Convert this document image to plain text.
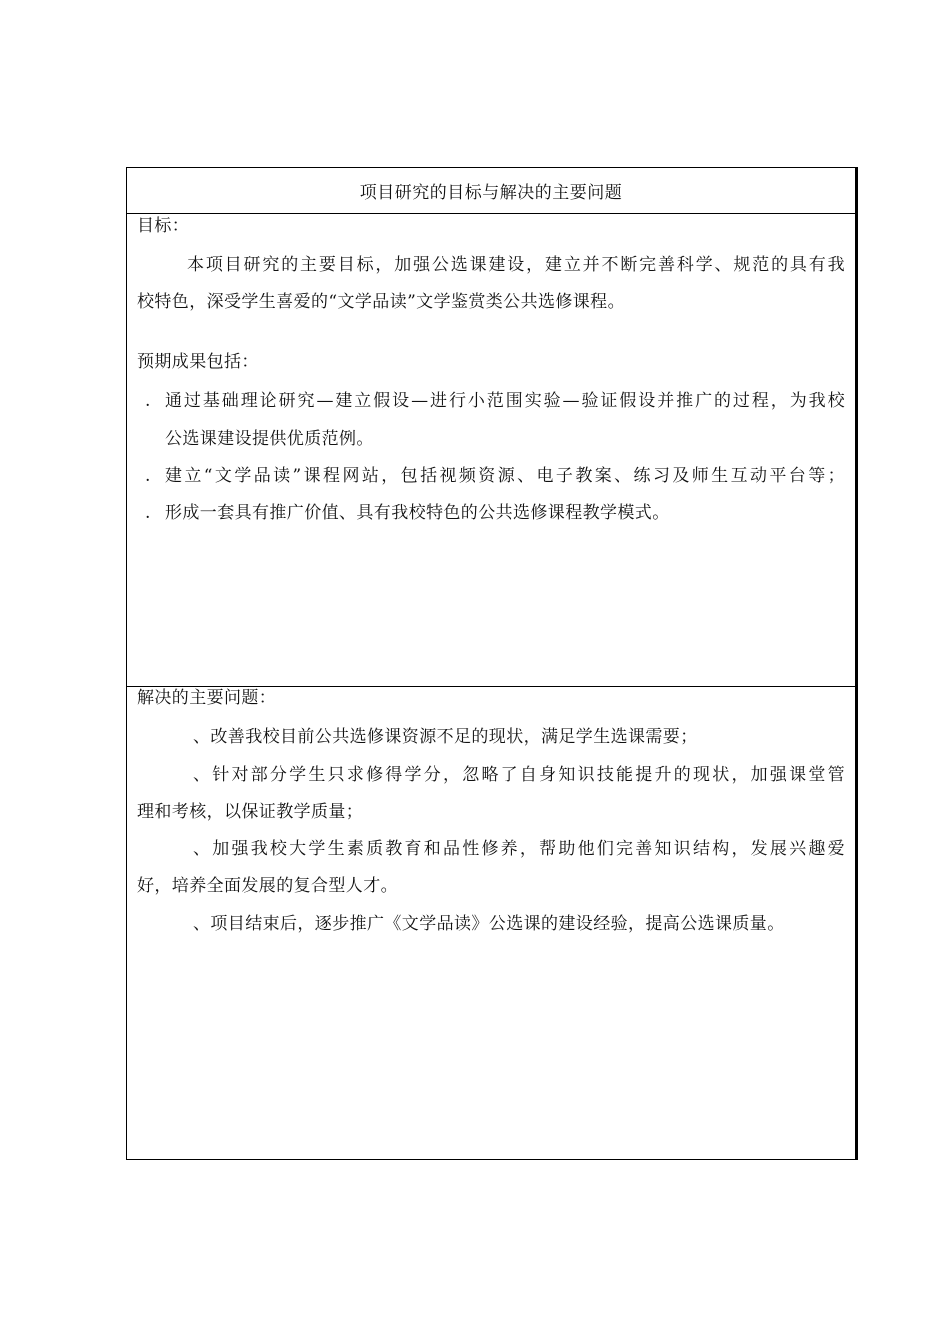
项目研究的目标与解决的主要问题
目标：
本项目研究的主要目标，加强公选课建设，建立并不断完善科学、规范的具有我
校特色，深受学生喜爱的“文学品读”文学鉴赏类公共选修课程。
预期成果包括：
. 通过基础理论研究—建立假设—进行小范围实验—验证假设并推广的过程，为我校
公选课建设提供优质范例。
. 建立“文学品读”课程网站，包括视频资源、电子教案、练习及师生互动平台等；
. 形成一套具有推广价值、具有我校特色的公共选修课程教学模式。
解决的主要问题：
、改善我校目前公共选修课资源不足的现状，满足学生选课需要；
、针对部分学生只求修得学分，忽略了自身知识技能提升的现状，加强课堂管
理和考核，以保证教学质量；
、加强我校大学生素质教育和品性修养，帮助他们完善知识结构，发展兴趣爱
好，培养全面发展的复合型人才。
、项目结束后，逐步推广《文学品读》公选课的建设经验，提高公选课质量。
